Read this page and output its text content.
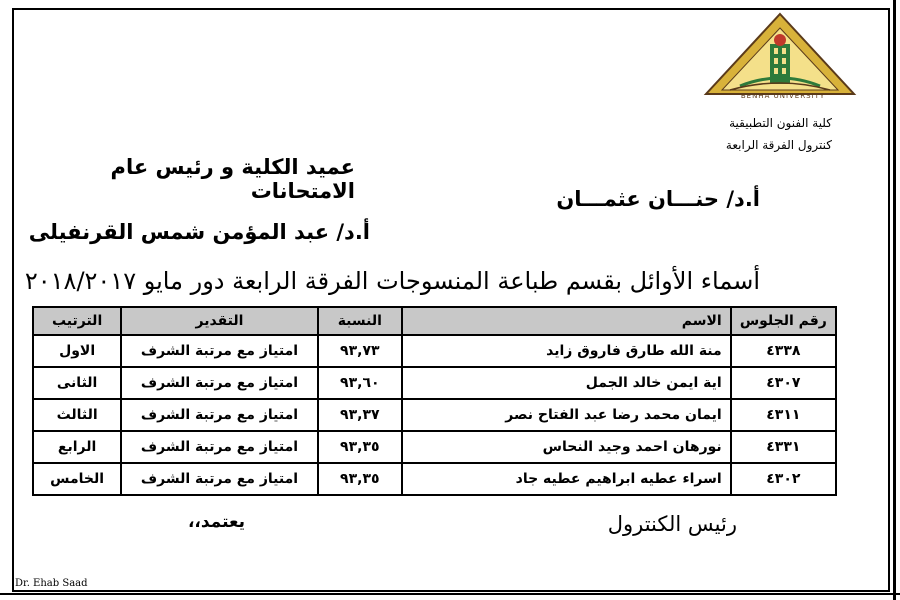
BENHA UNIVERSITY
كلية الفنون التطبيقية
كنترول الفرقة الرابعة
عميد الكلية و رئيس عام الامتحانات	أ.د/ حنـــان عثمـــان
أ.د/ عبد المؤمن شمس القرنفيلى
أسماء الأوائل بقسم طباعة المنسوجات الفرقة الرابعة دور مايو ٢٠١٨/٢٠١٧
رقم الجلوس	الاسم	النسبة	التقدير	الترتيب
٤٣٣٨	منة الله طارق فاروق زايد	٩٣,٧٣	امتياز مع مرتبة الشرف	الاول
٤٣٠٧	اية ايمن خالد الجمل	٩٣,٦٠	امتياز مع مرتبة الشرف	الثانى
٤٣١١	ايمان محمد رضا عبد الفتاح نصر	٩٣,٣٧	امتياز مع مرتبة الشرف	الثالث
٤٣٣١	نورهان احمد وجيد النحاس	٩٣,٣٥	امتياز مع مرتبة الشرف	الرابع
٤٣٠٢	اسراء عطيه ابراهيم عطيه جاد	٩٣,٣٥	امتياز مع مرتبة الشرف	الخامس
رئيس الكنترول
يعتمد،،
Dr. Ehab Saad
